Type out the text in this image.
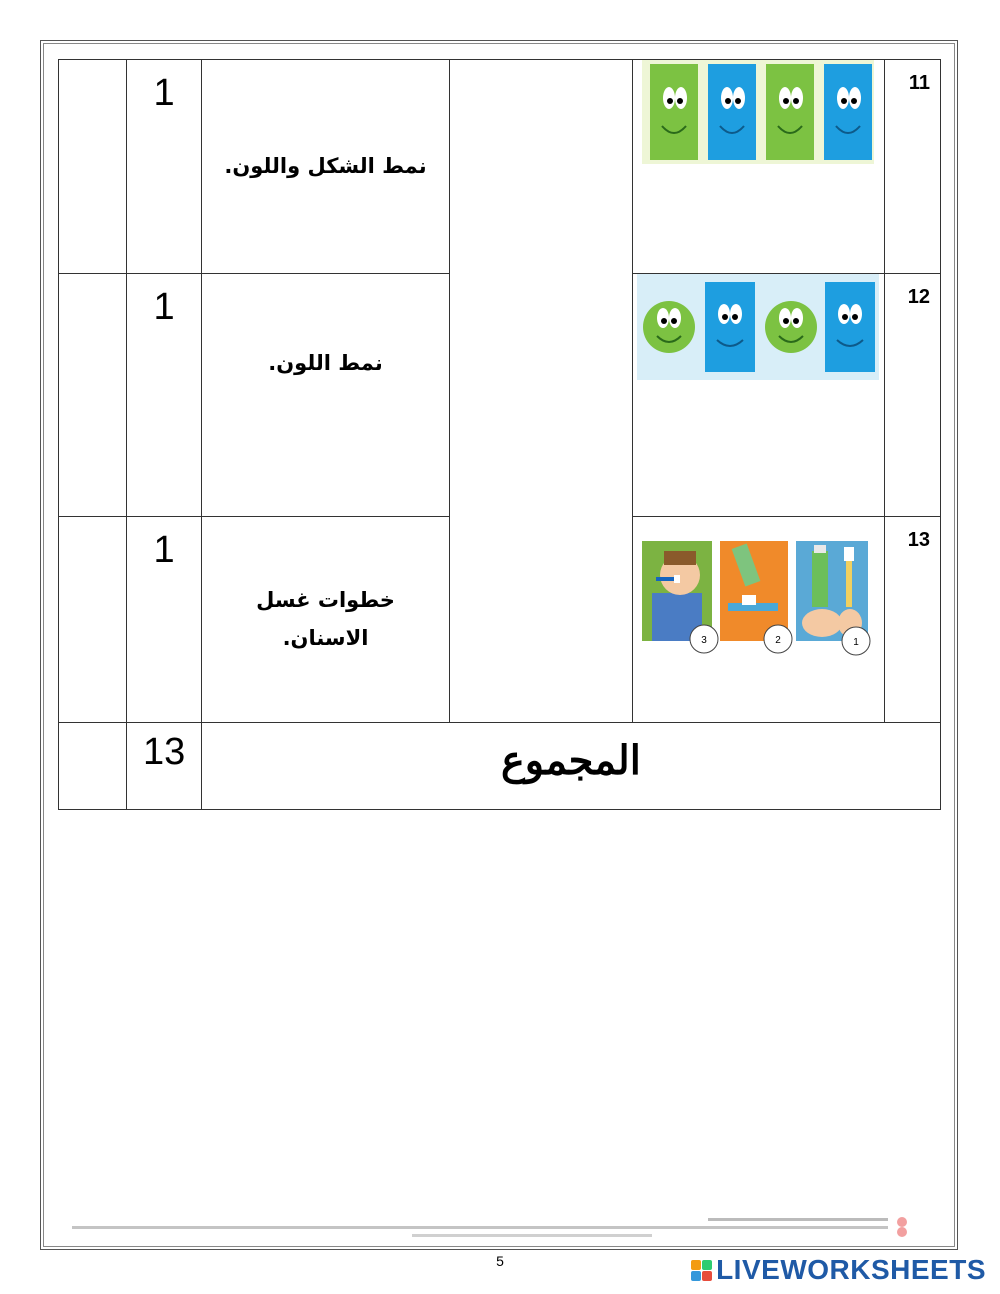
	1	نمط الشكل واللون.			11

	1	نمط اللون.			12

	1	خطوات غسل
الاسنان.		3 2 1	13

	13	المجموع			
5	LIVEWORKSHEETS
